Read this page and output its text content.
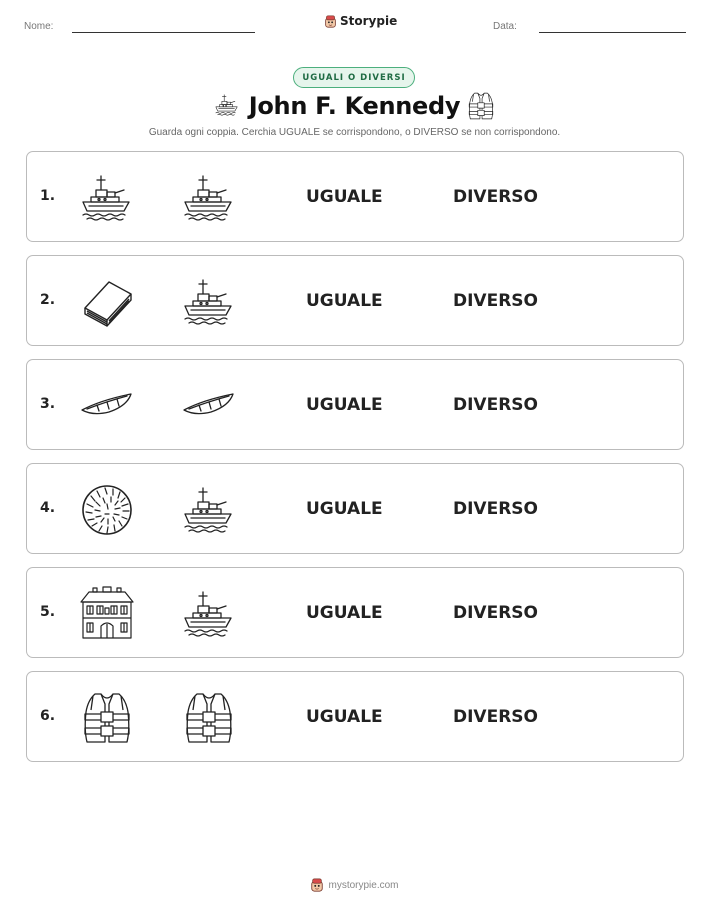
Nome:	Storypie	Data:
UGUALI O DIVERSI
John F. Kennedy
Guarda ogni coppia. Cerchia UGUALE se corrispondono, o DIVERSO se non corrispondono.
1.	UGUALE	DIVERSO
2.	UGUALE	DIVERSO
3.	UGUALE	DIVERSO
4.	UGUALE	DIVERSO
5.	UGUALE	DIVERSO
6.	UGUALE	DIVERSO
mystorypie.com
